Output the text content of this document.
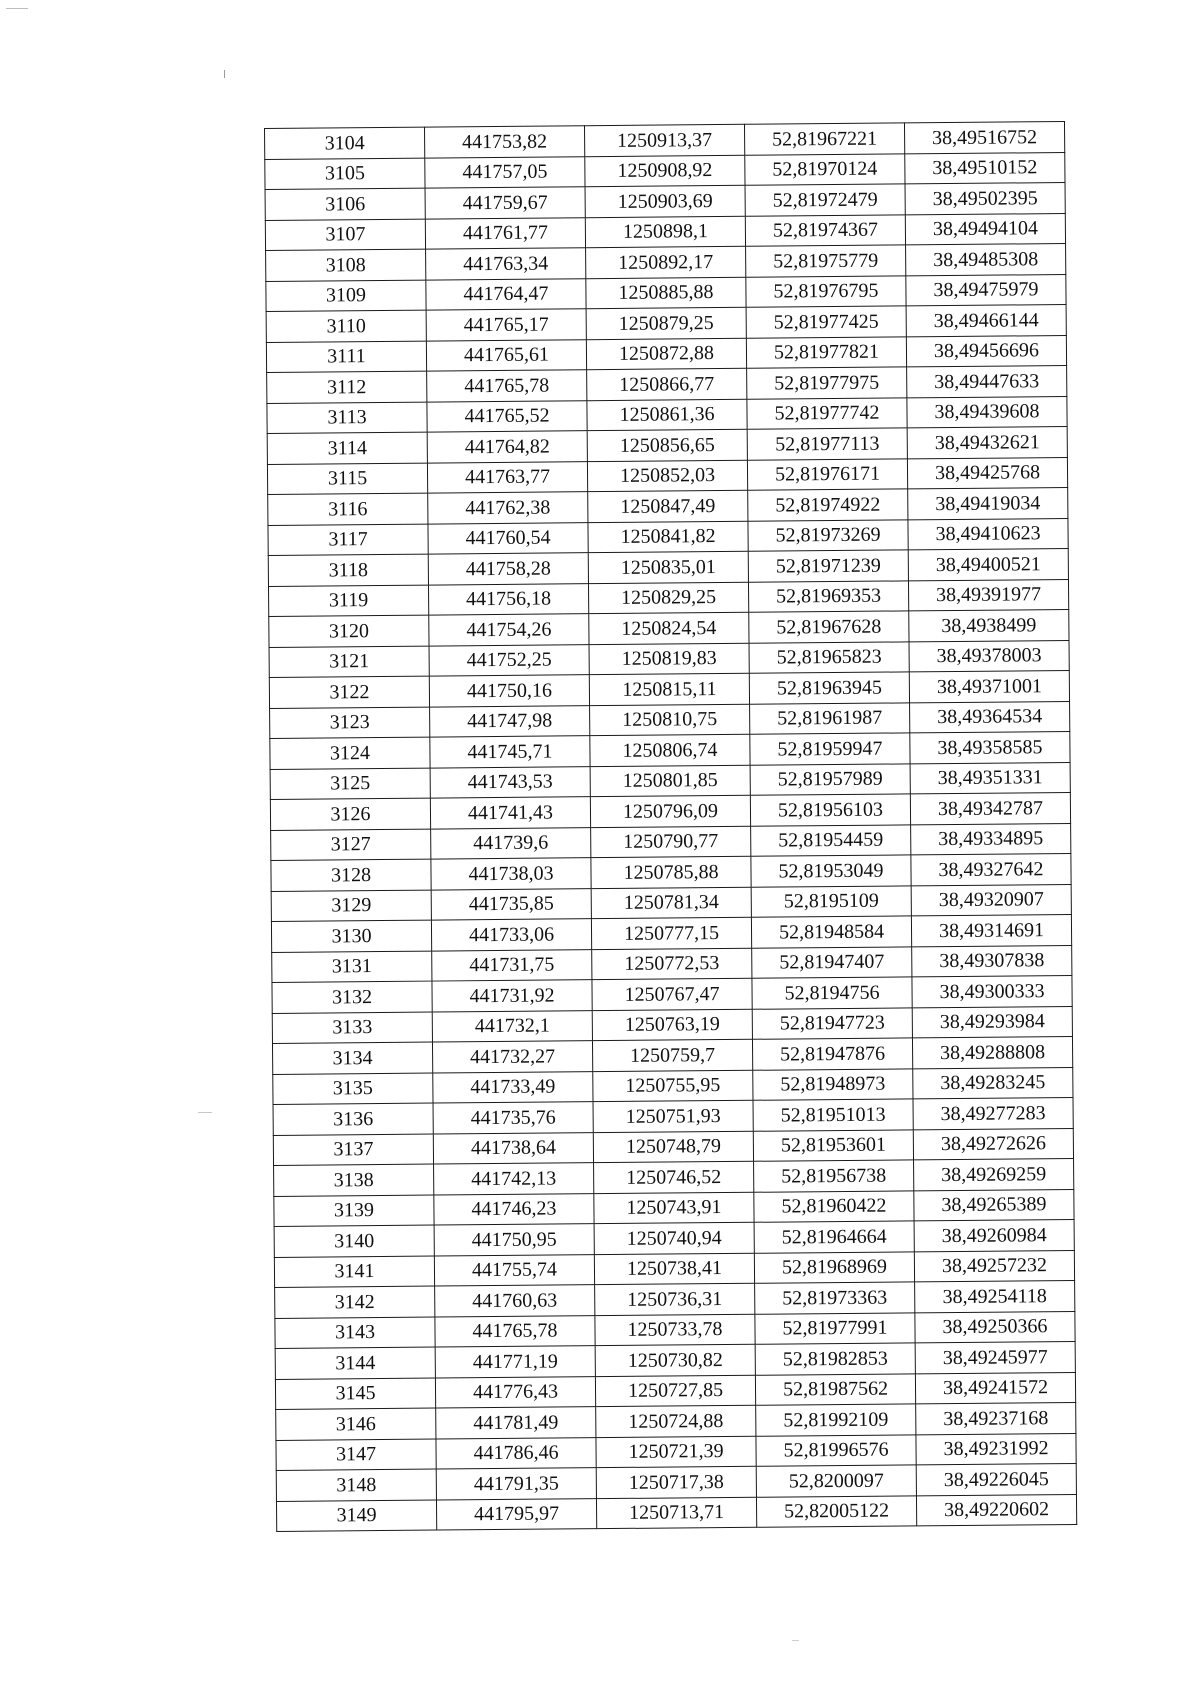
3104	441753,82	1250913,37	52,81967221	38,49516752
3105	441757,05	1250908,92	52,81970124	38,49510152
3106	441759,67	1250903,69	52,81972479	38,49502395
3107	441761,77	1250898,1	52,81974367	38,49494104
3108	441763,34	1250892,17	52,81975779	38,49485308
3109	441764,47	1250885,88	52,81976795	38,49475979
3110	441765,17	1250879,25	52,81977425	38,49466144
3111	441765,61	1250872,88	52,81977821	38,49456696
3112	441765,78	1250866,77	52,81977975	38,49447633
3113	441765,52	1250861,36	52,81977742	38,49439608
3114	441764,82	1250856,65	52,81977113	38,49432621
3115	441763,77	1250852,03	52,81976171	38,49425768
3116	441762,38	1250847,49	52,81974922	38,49419034
3117	441760,54	1250841,82	52,81973269	38,49410623
3118	441758,28	1250835,01	52,81971239	38,49400521
3119	441756,18	1250829,25	52,81969353	38,49391977
3120	441754,26	1250824,54	52,81967628	38,4938499
3121	441752,25	1250819,83	52,81965823	38,49378003
3122	441750,16	1250815,11	52,81963945	38,49371001
3123	441747,98	1250810,75	52,81961987	38,49364534
3124	441745,71	1250806,74	52,81959947	38,49358585
3125	441743,53	1250801,85	52,81957989	38,49351331
3126	441741,43	1250796,09	52,81956103	38,49342787
3127	441739,6	1250790,77	52,81954459	38,49334895
3128	441738,03	1250785,88	52,81953049	38,49327642
3129	441735,85	1250781,34	52,8195109	38,49320907
3130	441733,06	1250777,15	52,81948584	38,49314691
3131	441731,75	1250772,53	52,81947407	38,49307838
3132	441731,92	1250767,47	52,8194756	38,49300333
3133	441732,1	1250763,19	52,81947723	38,49293984
3134	441732,27	1250759,7	52,81947876	38,49288808
3135	441733,49	1250755,95	52,81948973	38,49283245
3136	441735,76	1250751,93	52,81951013	38,49277283
3137	441738,64	1250748,79	52,81953601	38,49272626
3138	441742,13	1250746,52	52,81956738	38,49269259
3139	441746,23	1250743,91	52,81960422	38,49265389
3140	441750,95	1250740,94	52,81964664	38,49260984
3141	441755,74	1250738,41	52,81968969	38,49257232
3142	441760,63	1250736,31	52,81973363	38,49254118
3143	441765,78	1250733,78	52,81977991	38,49250366
3144	441771,19	1250730,82	52,81982853	38,49245977
3145	441776,43	1250727,85	52,81987562	38,49241572
3146	441781,49	1250724,88	52,81992109	38,49237168
3147	441786,46	1250721,39	52,81996576	38,49231992
3148	441791,35	1250717,38	52,8200097	38,49226045
3149	441795,97	1250713,71	52,82005122	38,49220602
